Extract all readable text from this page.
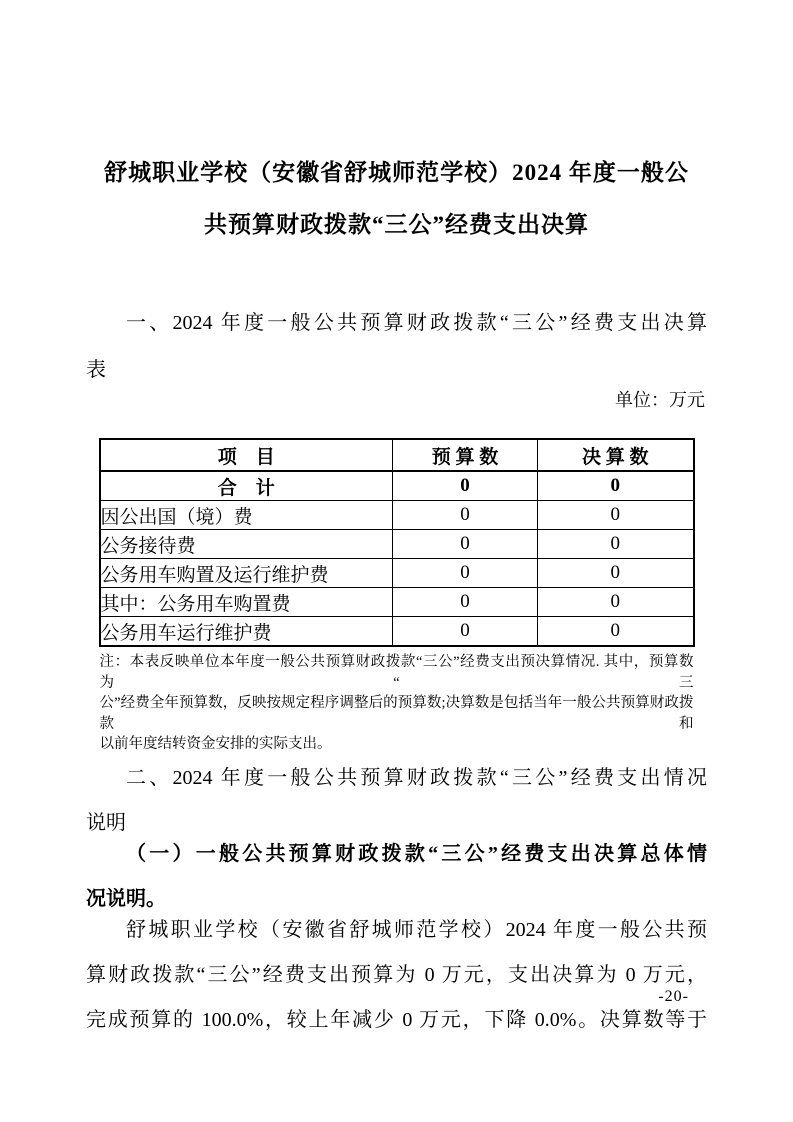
舒城职业学校（安徽省舒城师范学校）2024 年度一般公
共预算财政拨款“三公”经费支出决算
一、2024 年度一般公共预算财政拨款“三公”经费支出决算
表
单位：万元
项　目	预 算 数	决 算 数
合　计	0	0
因公出国（境）费	0	0
公务接待费	0	0
公务用车购置及运行维护费	0	0
其中：公务用车购置费	0	0
公务用车运行维护费	0	0
注：本表反映单位本年度一般公共预算财政拨款“三公”经费支出预决算情况. 其中，预算数为“三
公”经费全年预算数，反映按规定程序调整后的预算数;决算数是包括当年一般公共预算财政拨款和
以前年度结转资金安排的实际支出。
二、2024 年度一般公共预算财政拨款“三公”经费支出情况
说明
（一）一般公共预算财政拨款“三公”经费支出决算总体情
况说明。
舒城职业学校（安徽省舒城师范学校）2024 年度一般公共预
算财政拨款“三公”经费支出预算为 0 万元，支出决算为 0 万元，
完成预算的 100.0%，较上年减少 0 万元，下降 0.0%。决算数等于
-20-
